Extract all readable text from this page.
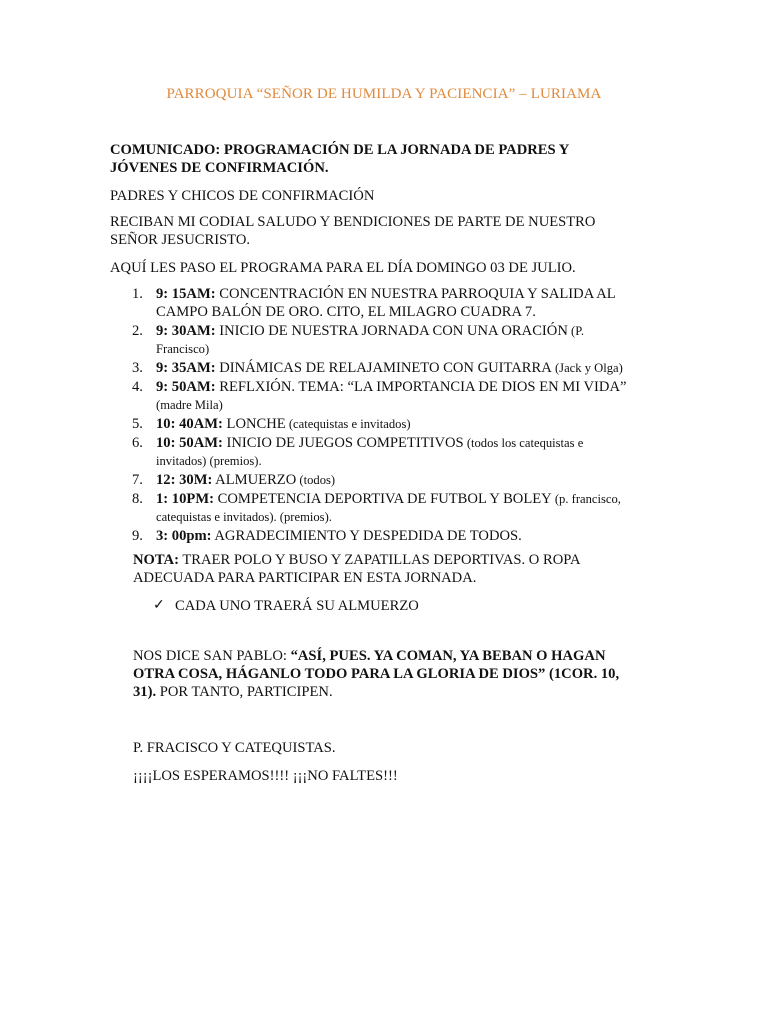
PARROQUIA “SEÑOR DE HUMILDA Y PACIENCIA” – LURIAMA

COMUNICADO: PROGRAMACIÓN DE LA JORNADA DE PADRES Y JÓVENES DE CONFIRMACIÓN.

PADRES Y CHICOS DE CONFIRMACIÓN

RECIBAN MI CODIAL SALUDO Y BENDICIONES DE PARTE DE NUESTRO SEÑOR JESUCRISTO.

AQUÍ LES PASO EL PROGRAMA PARA EL DÍA DOMINGO 03 DE JULIO.

1. 9: 15AM: CONCENTRACIÓN EN NUESTRA PARROQUIA Y SALIDA AL CAMPO BALÓN DE ORO. CITO, EL MILAGRO CUADRA 7.
2. 9: 30AM: INICIO DE NUESTRA JORNADA CON UNA ORACIÓN (P. Francisco)
3. 9: 35AM: DINÁMICAS DE RELAJAMINETO CON GUITARRA (Jack y Olga)
4. 9: 50AM: REFLXIÓN. TEMA: “LA IMPORTANCIA DE DIOS EN MI VIDA” (madre Mila)
5. 10: 40AM: LONCHE (catequistas e invitados)
6. 10: 50AM: INICIO DE JUEGOS COMPETITIVOS (todos los catequistas e invitados) (premios).
7. 12: 30M: ALMUERZO (todos)
8. 1: 10PM: COMPETENCIA DEPORTIVA DE FUTBOL Y BOLEY (p. francisco, catequistas e invitados). (premios).
9. 3: 00pm: AGRADECIMIENTO Y DESPEDIDA DE TODOS.

NOTA: TRAER POLO Y BUSO Y ZAPATILLAS DEPORTIVAS. O ROPA ADECUADA PARA PARTICIPAR EN ESTA JORNADA.

✓ CADA UNO TRAERÁ SU ALMUERZO

NOS DICE SAN PABLO: “ASÍ, PUES. YA COMAN, YA BEBAN O HAGAN OTRA COSA, HÁGANLO TODO PARA LA GLORIA DE DIOS” (1COR. 10, 31). POR TANTO, PARTICIPEN.

P. FRACISCO Y CATEQUISTAS.

¡¡¡¡LOS ESPERAMOS!!!! ¡¡¡NO FALTES!!!
